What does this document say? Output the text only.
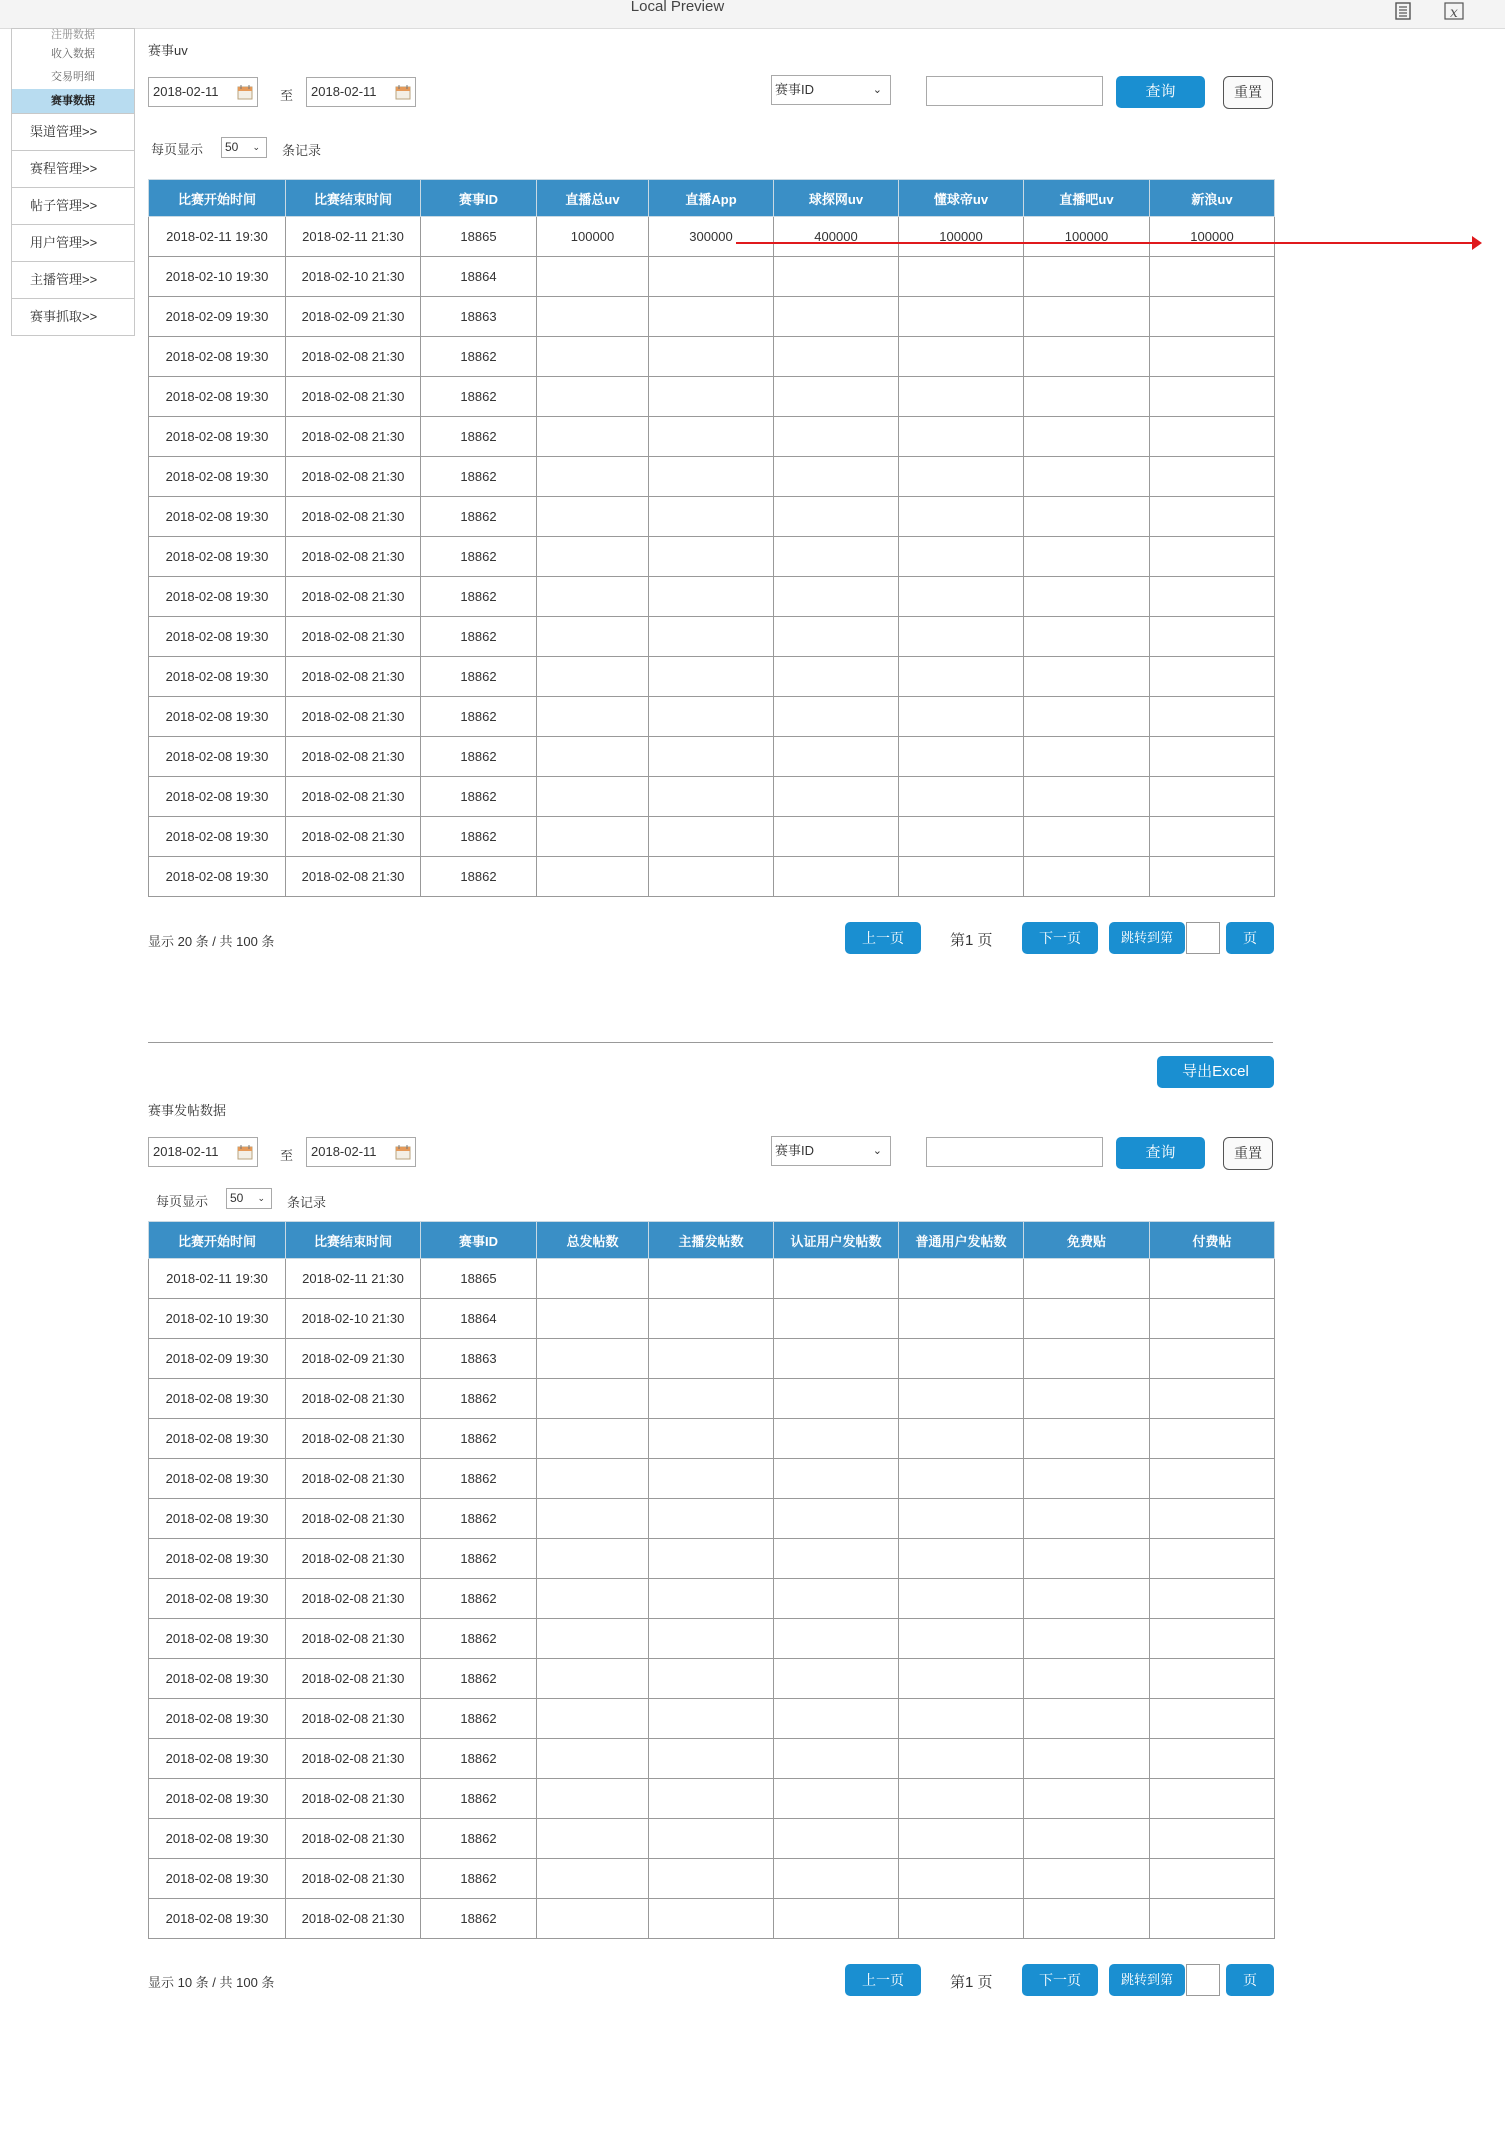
Local Preview	x
注册数据
收入数据
交易明细
赛事数据
渠道管理>>
赛程管理>>
帖子管理>>
用户管理>>
主播管理>>
赛事抓取>>
赛事uv
2018-02-11	至	2018-02-11	赛事ID	⌄	查询	重置
每页显示	50 ⌄ 条记录
比赛开始时间	比赛结束时间	赛事ID	直播总uv	直播App	球探网uv	懂球帝uv	直播吧uv	新浪uv
2018-02-11 19:30	2018-02-11 21:30	18865	100000	300000	400000	100000	100000	100000
2018-02-10 19:30	2018-02-10 21:30	18864						
2018-02-09 19:30	2018-02-09 21:30	18863						
2018-02-08 19:30	2018-02-08 21:30	18862						
2018-02-08 19:30	2018-02-08 21:30	18862						
2018-02-08 19:30	2018-02-08 21:30	18862						
2018-02-08 19:30	2018-02-08 21:30	18862						
2018-02-08 19:30	2018-02-08 21:30	18862						
2018-02-08 19:30	2018-02-08 21:30	18862						
2018-02-08 19:30	2018-02-08 21:30	18862						
2018-02-08 19:30	2018-02-08 21:30	18862						
2018-02-08 19:30	2018-02-08 21:30	18862						
2018-02-08 19:30	2018-02-08 21:30	18862						
2018-02-08 19:30	2018-02-08 21:30	18862						
2018-02-08 19:30	2018-02-08 21:30	18862						
2018-02-08 19:30	2018-02-08 21:30	18862						
2018-02-08 19:30	2018-02-08 21:30	18862						
显示 20 条 / 共 100 条	上一页	第1 页	下一页	跳转到第	页
导出Excel
赛事发帖数据
2018-02-11	至	2018-02-11	赛事ID	⌄	查询	重置
每页显示	50 ⌄ 条记录
比赛开始时间	比赛结束时间	赛事ID	总发帖数	主播发帖数	认证用户发帖数	普通用户发帖数	免费贴	付费帖
2018-02-11 19:30	2018-02-11 21:30	18865						
2018-02-10 19:30	2018-02-10 21:30	18864						
2018-02-09 19:30	2018-02-09 21:30	18863						
2018-02-08 19:30	2018-02-08 21:30	18862						
2018-02-08 19:30	2018-02-08 21:30	18862						
2018-02-08 19:30	2018-02-08 21:30	18862						
2018-02-08 19:30	2018-02-08 21:30	18862						
2018-02-08 19:30	2018-02-08 21:30	18862						
2018-02-08 19:30	2018-02-08 21:30	18862						
2018-02-08 19:30	2018-02-08 21:30	18862						
2018-02-08 19:30	2018-02-08 21:30	18862						
2018-02-08 19:30	2018-02-08 21:30	18862						
2018-02-08 19:30	2018-02-08 21:30	18862						
2018-02-08 19:30	2018-02-08 21:30	18862						
2018-02-08 19:30	2018-02-08 21:30	18862						
2018-02-08 19:30	2018-02-08 21:30	18862						
2018-02-08 19:30	2018-02-08 21:30	18862						
显示 10 条 / 共 100 条	上一页	第1 页	下一页	跳转到第	页
